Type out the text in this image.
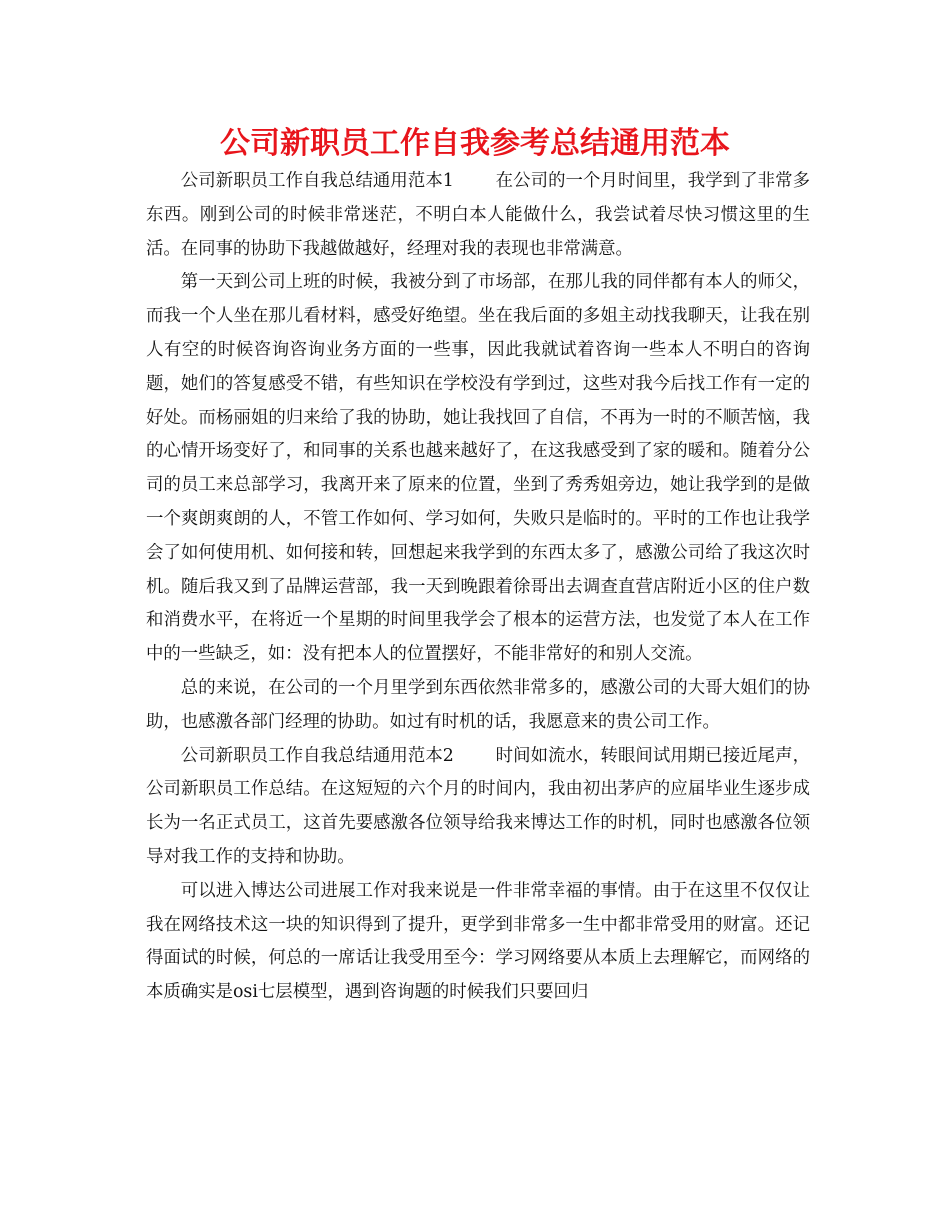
公司新职员工作自我参考总结通用范本

公司新职员工作自我总结通用范本1 在公司的一个月时间里，我学到了非常多东西。刚到公司的时候非常迷茫，不明白本人能做什么，我尝试着尽快习惯这里的生活。在同事的协助下我越做越好，经理对我的表现也非常满意。

第一天到公司上班的时候，我被分到了市场部，在那儿我的同伴都有本人的师父，而我一个人坐在那儿看材料，感受好绝望。坐在我后面的多姐主动找我聊天，让我在别人有空的时候咨询咨询业务方面的一些事，因此我就试着咨询一些本人不明白的咨询题，她们的答复感受不错，有些知识在学校没有学到过，这些对我今后找工作有一定的好处。而杨丽姐的归来给了我的协助，她让我找回了自信，不再为一时的不顺苦恼，我的心情开场变好了，和同事的关系也越来越好了，在这我感受到了家的暖和。随着分公司的员工来总部学习，我离开来了原来的位置，坐到了秀秀姐旁边，她让我学到的是做一个爽朗爽朗的人，不管工作如何、学习如何，失败只是临时的。平时的工作也让我学会了如何使用机、如何接和转，回想起来我学到的东西太多了，感激公司给了我这次时机。随后我又到了品牌运营部，我一天到晚跟着徐哥出去调查直营店附近小区的住户数和消费水平，在将近一个星期的时间里我学会了根本的运营方法，也发觉了本人在工作中的一些缺乏，如：没有把本人的位置摆好，不能非常好的和别人交流。

总的来说，在公司的一个月里学到东西依然非常多的，感激公司的大哥大姐们的协助，也感激各部门经理的协助。如过有时机的话，我愿意来的贵公司工作。

公司新职员工作自我总结通用范本2 时间如流水，转眼间试用期已接近尾声，公司新职员工作总结。在这短短的六个月的时间内，我由初出茅庐的应届毕业生逐步成长为一名正式员工，这首先要感激各位领导给我来博达工作的时机，同时也感激各位领导对我工作的支持和协助。

可以进入博达公司进展工作对我来说是一件非常幸福的事情。由于在这里不仅仅让我在网络技术这一块的知识得到了提升，更学到非常多一生中都非常受用的财富。还记得面试的时候，何总的一席话让我受用至今：学习网络要从本质上去理解它，而网络的本质确实是osi七层模型，遇到咨询题的时候我们只要回归
